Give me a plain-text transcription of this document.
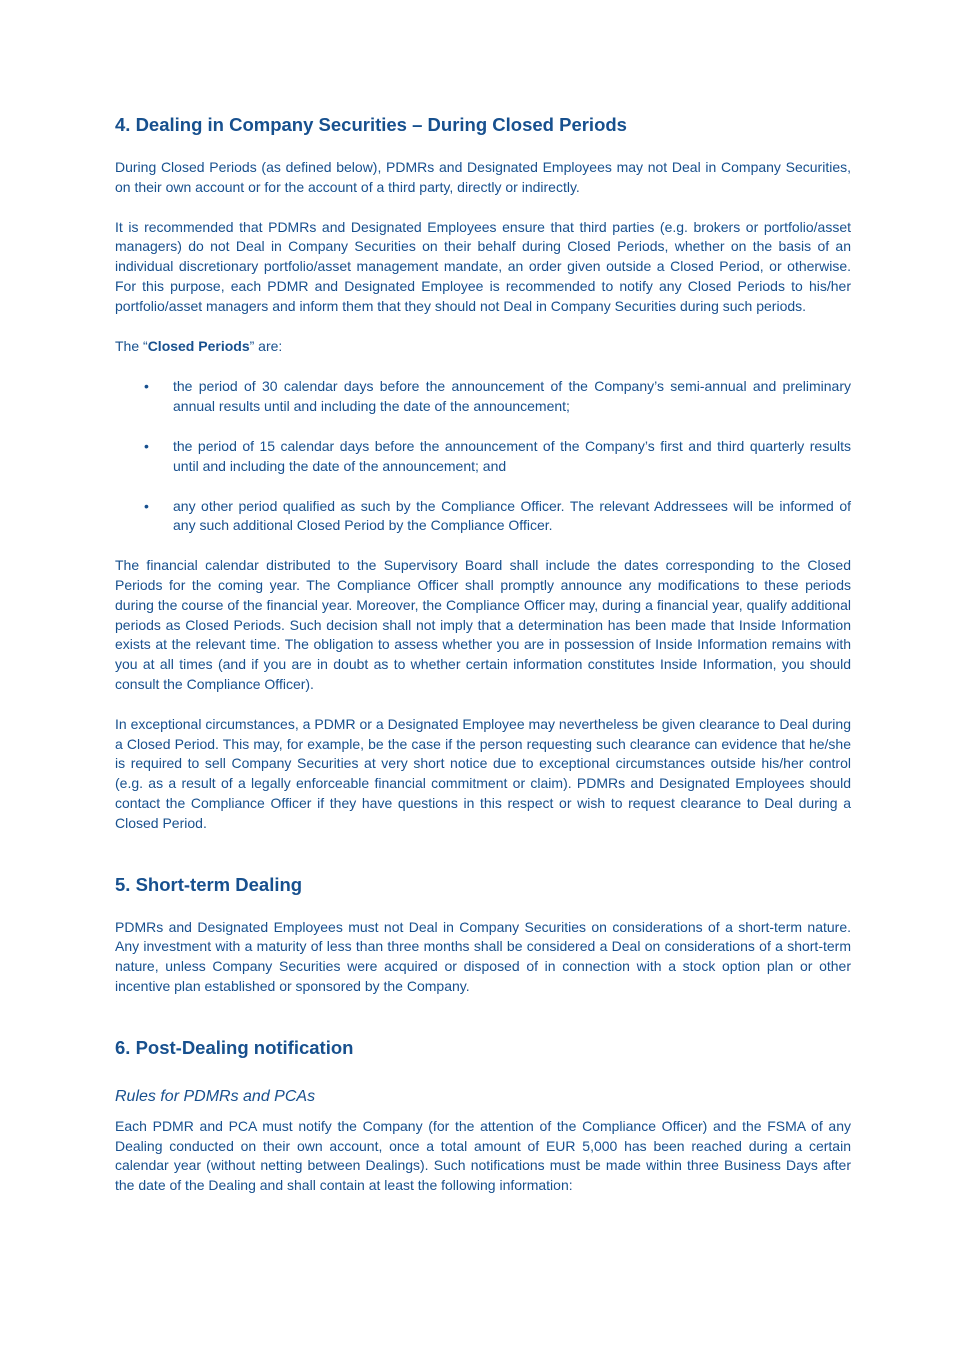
4. Dealing in Company Securities – During Closed Periods

During Closed Periods (as defined below), PDMRs and Designated Employees may not Deal in Company Securities, on their own account or for the account of a third party, directly or indirectly.

It is recommended that PDMRs and Designated Employees ensure that third parties (e.g. brokers or portfolio/asset managers) do not Deal in Company Securities on their behalf during Closed Periods, whether on the basis of an individual discretionary portfolio/asset management mandate, an order given outside a Closed Period, or otherwise. For this purpose, each PDMR and Designated Employee is recommended to notify any Closed Periods to his/her portfolio/asset managers and inform them that they should not Deal in Company Securities during such periods.

The “Closed Periods” are:

• the period of 30 calendar days before the announcement of the Company’s semi-annual and preliminary annual results until and including the date of the announcement;
• the period of 15 calendar days before the announcement of the Company’s first and third quarterly results until and including the date of the announcement; and
• any other period qualified as such by the Compliance Officer. The relevant Addressees will be informed of any such additional Closed Period by the Compliance Officer.

The financial calendar distributed to the Supervisory Board shall include the dates corresponding to the Closed Periods for the coming year. The Compliance Officer shall promptly announce any modifications to these periods during the course of the financial year. Moreover, the Compliance Officer may, during a financial year, qualify additional periods as Closed Periods. Such decision shall not imply that a determination has been made that Inside Information exists at the relevant time. The obligation to assess whether you are in possession of Inside Information remains with you at all times (and if you are in doubt as to whether certain information constitutes Inside Information, you should consult the Compliance Officer).

In exceptional circumstances, a PDMR or a Designated Employee may nevertheless be given clearance to Deal during a Closed Period. This may, for example, be the case if the person requesting such clearance can evidence that he/she is required to sell Company Securities at very short notice due to exceptional circumstances outside his/her control (e.g. as a result of a legally enforceable financial commitment or claim). PDMRs and Designated Employees should contact the Compliance Officer if they have questions in this respect or wish to request clearance to Deal during a Closed Period.

5. Short-term Dealing

PDMRs and Designated Employees must not Deal in Company Securities on considerations of a short-term nature. Any investment with a maturity of less than three months shall be considered a Deal on considerations of a short-term nature, unless Company Securities were acquired or disposed of in connection with a stock option plan or other incentive plan established or sponsored by the Company.

6. Post-Dealing notification

Rules for PDMRs and PCAs

Each PDMR and PCA must notify the Company (for the attention of the Compliance Officer) and the FSMA of any Dealing conducted on their own account, once a total amount of EUR 5,000 has been reached during a certain calendar year (without netting between Dealings). Such notifications must be made within three Business Days after the date of the Dealing and shall contain at least the following information:
